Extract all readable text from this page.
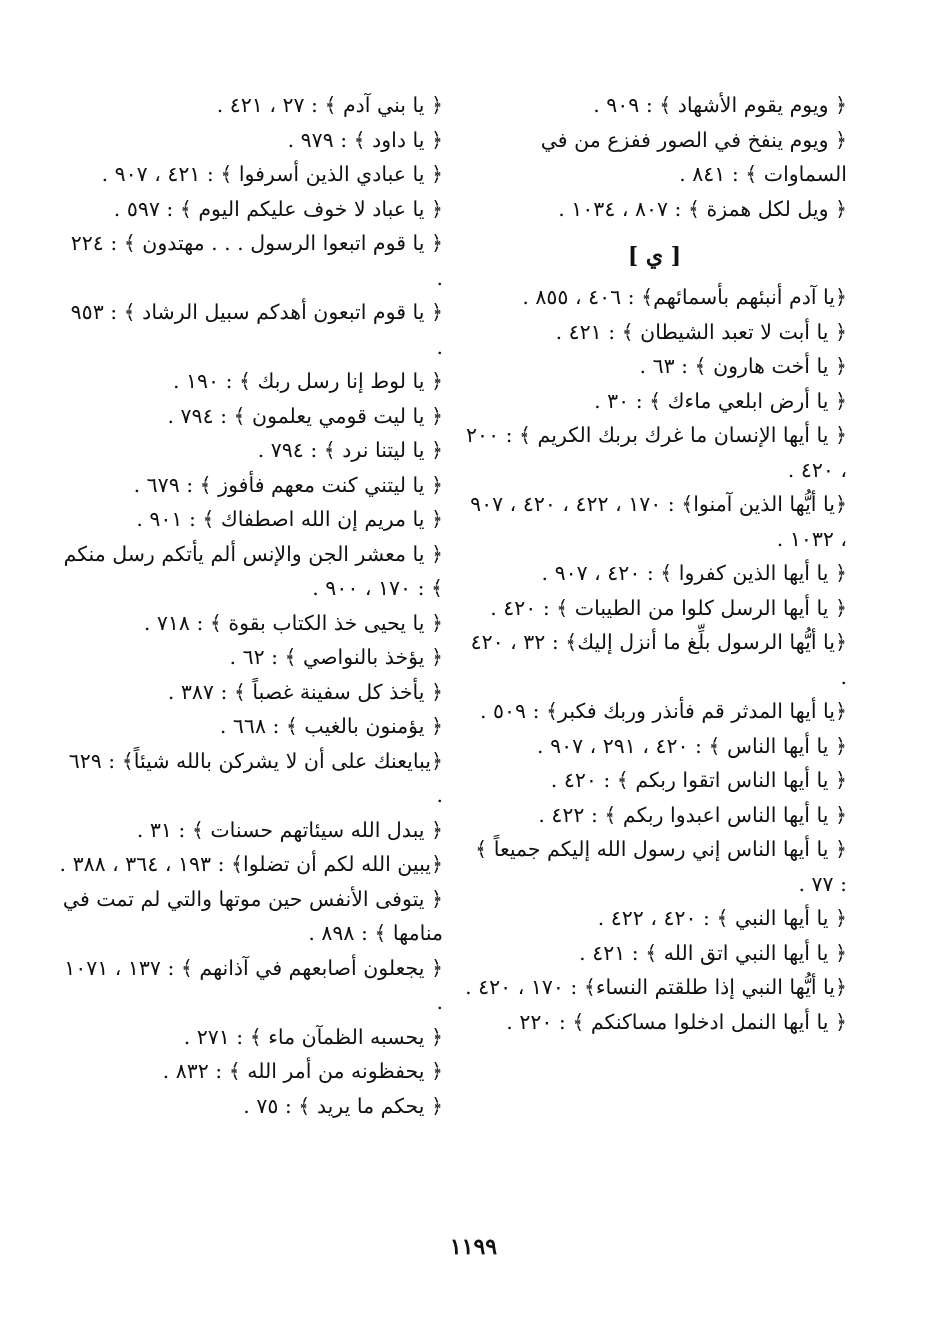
﴿ ويوم يقوم الأشهاد ﴾ : ٩٠٩ .
﴿ ويوم ينفخ في الصور ففزع من في السماوات ﴾ : ٨٤١ .
﴿ ويل لكل همزة ﴾ : ٨٠٧ ، ١٠٣٤ .
[ ي ]
﴿يا آدم أنبئهم بأسمائهم﴾ : ٤٠٦ ، ٨٥٥ .
﴿ يا أبت لا تعبد الشيطان ﴾ : ٤٢١ .
﴿ يا أخت هارون ﴾ : ٦٣ .
﴿ يا أرض ابلعي ماءك ﴾ : ٣٠ .
﴿ يا أيها الإنسان ما غرك بربك الكريم ﴾ : ٢٠٠ ، ٤٢٠ .
﴿يا أيُّها الذين آمنوا﴾ : ١٧٠ ، ٤٢٢ ، ٤٢٠ ، ٩٠٧ ، ١٠٣٢ .
﴿ يا أيها الذين كفروا ﴾ : ٤٢٠ ، ٩٠٧ .
﴿ يا أيها الرسل كلوا من الطيبات ﴾ : ٤٢٠ .
﴿يا أيُّها الرسول بلِّغ ما أنزل إليك﴾ : ٣٢ ، ٤٢٠ .
﴿يا أيها المدثر قم فأنذر وربك فكبر﴾ : ٥٠٩ .
﴿ يا أيها الناس ﴾ : ٤٢٠ ، ٢٩١ ، ٩٠٧ .
﴿ يا أيها الناس اتقوا ربكم ﴾ : ٤٢٠ .
﴿ يا أيها الناس اعبدوا ربكم ﴾ : ٤٢٢ .
﴿ يا أيها الناس إني رسول الله إليكم جميعاً ﴾ : ٧٧ .
﴿ يا أيها النبي ﴾ : ٤٢٠ ، ٤٢٢ .
﴿ يا أيها النبي اتق الله ﴾ : ٤٢١ .
﴿يا أيُّها النبي إذا طلقتم النساء﴾ : ١٧٠ ، ٤٢٠ .
﴿ يا أيها النمل ادخلوا مساكنكم ﴾ : ٢٢٠ .
﴿ يا بني آدم ﴾ : ٢٧ ، ٤٢١ .
﴿ يا داود ﴾ : ٩٧٩ .
﴿ يا عبادي الذين أسرفوا ﴾ : ٤٢١ ، ٩٠٧ .
﴿ يا عباد لا خوف عليكم اليوم ﴾ : ٥٩٧ .
﴿ يا قوم اتبعوا الرسول . . . مهتدون ﴾ : ٢٢٤ .
﴿ يا قوم اتبعون أهدكم سبيل الرشاد ﴾ : ٩٥٣ .
﴿ يا لوط إنا رسل ربك ﴾ : ١٩٠ .
﴿ يا ليت قومي يعلمون ﴾ : ٧٩٤ .
﴿ يا ليتنا نرد ﴾ : ٧٩٤ .
﴿ يا ليتني كنت معهم فأفوز ﴾ : ٦٧٩ .
﴿ يا مريم إن الله اصطفاك ﴾ : ٩٠١ .
﴿ يا معشر الجن والإنس ألم يأتكم رسل منكم ﴾ : ١٧٠ ، ٩٠٠ .
﴿ يا يحيى خذ الكتاب بقوة ﴾ : ٧١٨ .
﴿ يؤخذ بالنواصي ﴾ : ٦٢ .
﴿ يأخذ كل سفينة غصباً ﴾ : ٣٨٧ .
﴿ يؤمنون بالغيب ﴾ : ٦٦٨ .
﴿يبايعنك على أن لا يشركن بالله شيئاً﴾ : ٦٢٩ .
﴿ يبدل الله سيئاتهم حسنات ﴾ : ٣١ .
﴿يبين الله لكم أن تضلوا﴾ : ١٩٣ ، ٣٦٤ ، ٣٨٨ .
﴿ يتوفى الأنفس حين موتها والتي لم تمت في منامها ﴾ : ٨٩٨ .
﴿ يجعلون أصابعهم في آذانهم ﴾ : ١٣٧ ، ١٠٧١ .
﴿ يحسبه الظمآن ماء ﴾ : ٢٧١ .
﴿ يحفظونه من أمر الله ﴾ : ٨٣٢ .
﴿ يحكم ما يريد ﴾ : ٧٥ .
١١٩٩
